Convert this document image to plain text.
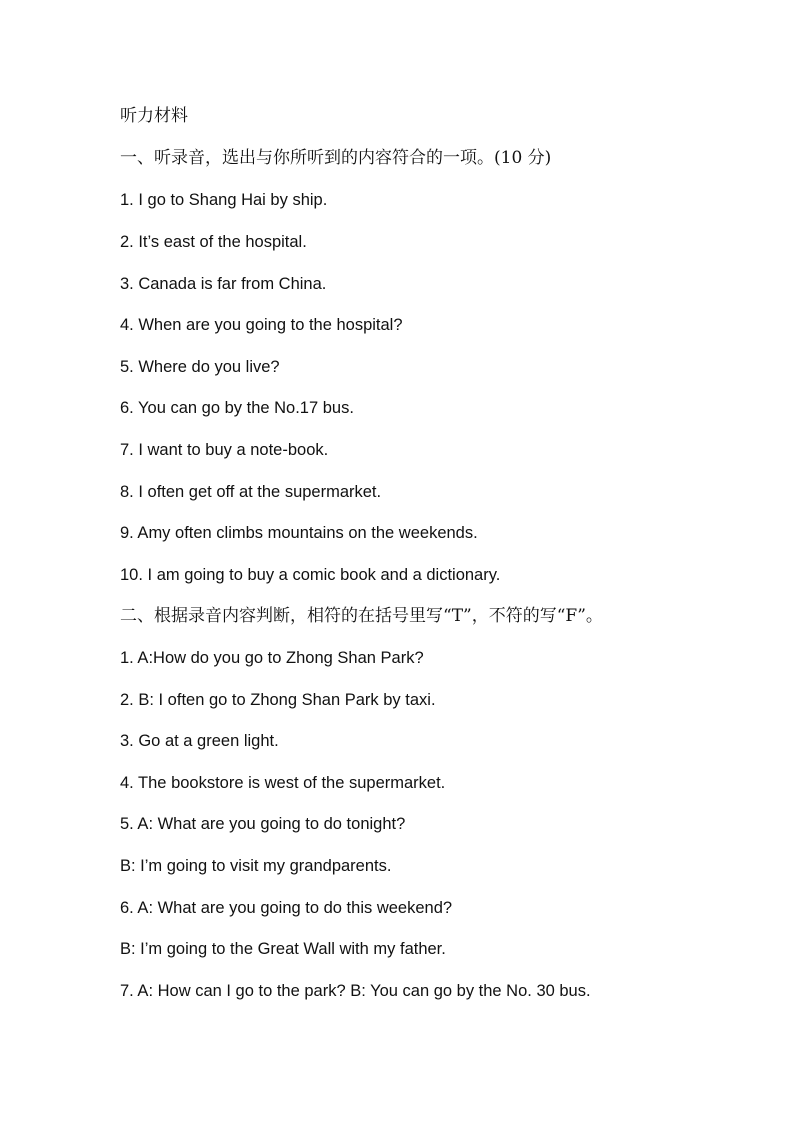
听力材料
一、听录音，选出与你所听到的内容符合的一项。(10 分)
1. I go to Shang Hai by ship.
2. It’s east of the hospital.
3. Canada is far from China.
4. When are you going to the hospital?
5. Where do you live?
6. You can go by the No.17 bus.
7. I want to buy a note-book.
8. I often get off at the supermarket.
9. Amy often climbs mountains on the weekends.
10. I am going to buy a comic book and a dictionary.
二、根据录音内容判断，相符的在括号里写“T”，不符的写“F”。
1. A:How do you go to Zhong Shan Park?
2. B: I often go to Zhong Shan Park by taxi.
3. Go at a green light.
4. The bookstore is west of the supermarket.
5. A: What are you going to do tonight?
B: I’m going to visit my grandparents.
6. A: What are you going to do this weekend?
B: I’m going to the Great Wall with my father.
7. A: How can I go to the park? B: You can go by the No. 30 bus.
